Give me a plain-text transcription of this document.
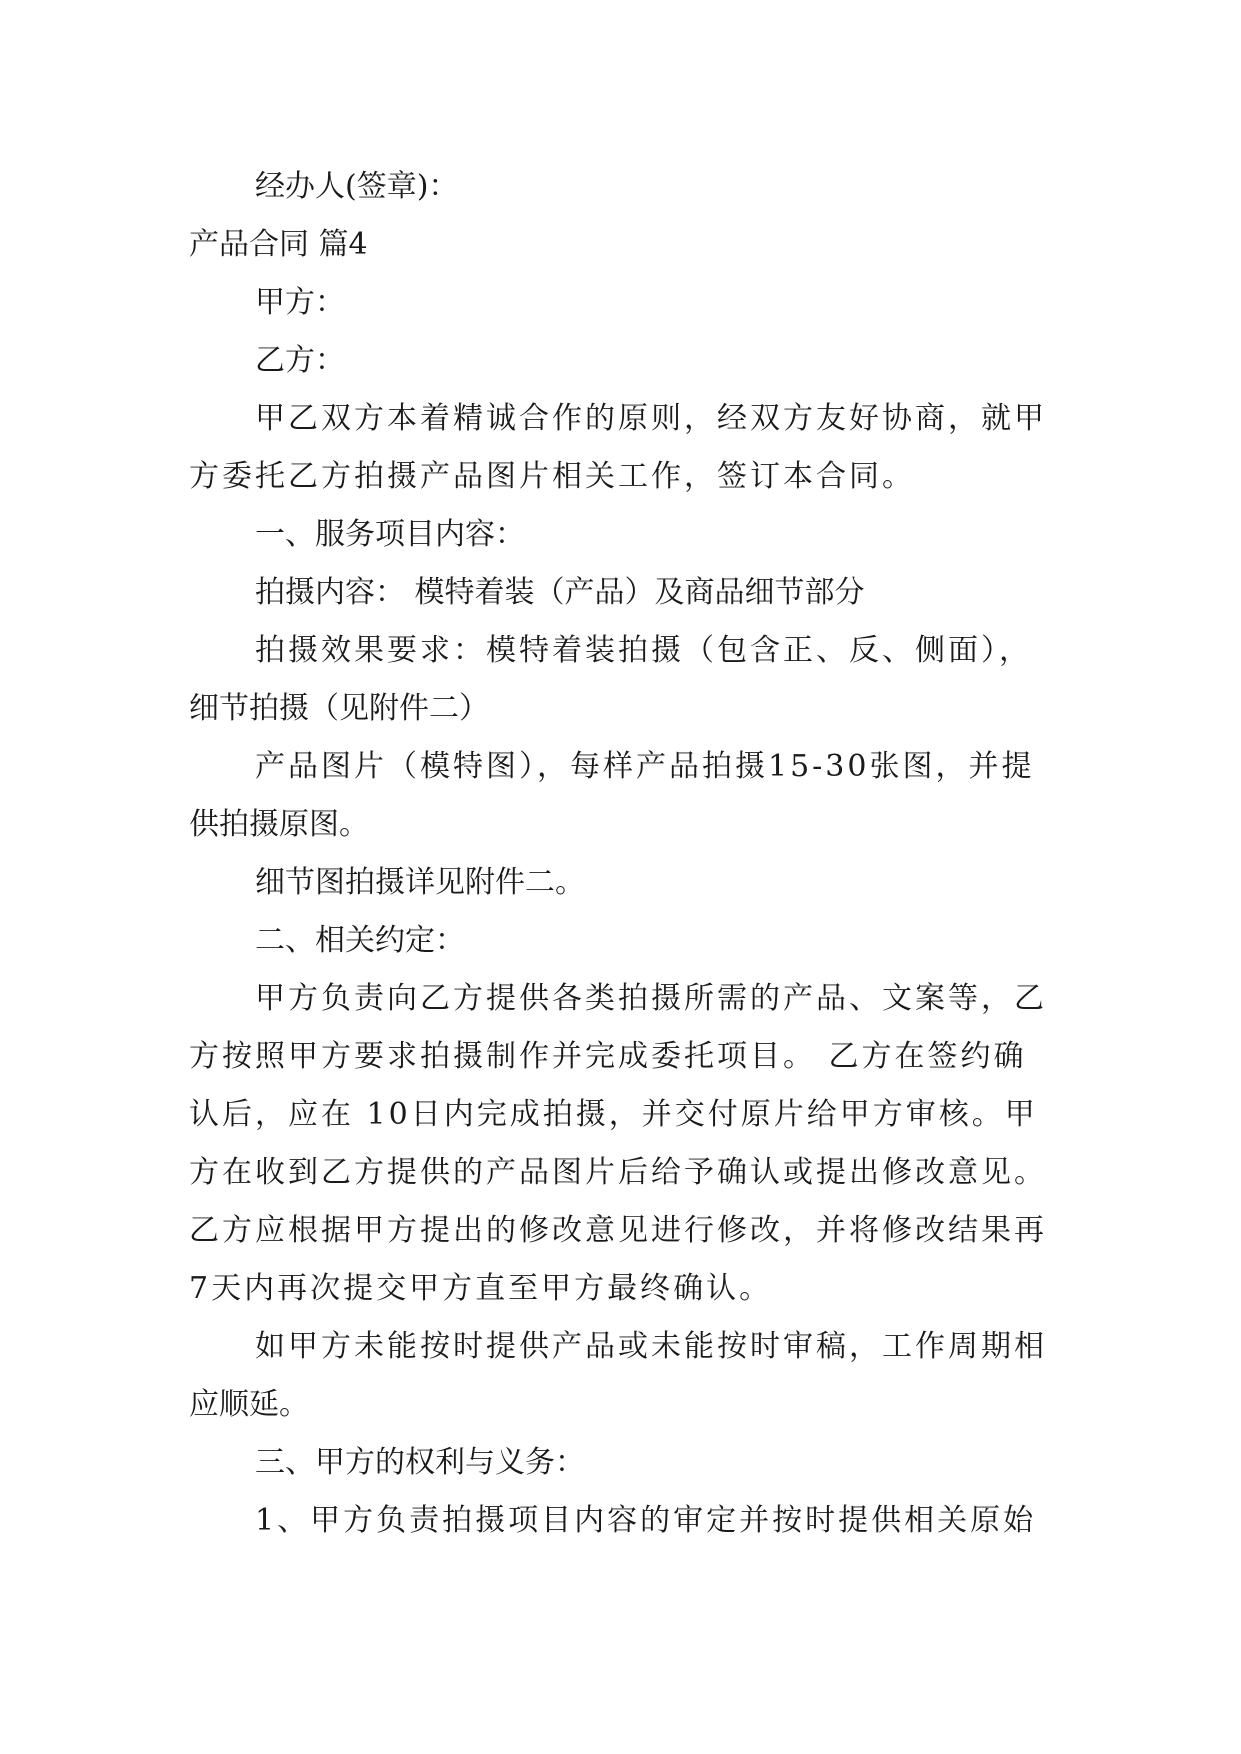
经办人(签章)：
产品合同 篇4
甲方：
乙方：
甲乙双方本着精诚合作的原则，经双方友好协商，就甲
方委托乙方拍摄产品图片相关工作，签订本合同。
一、服务项目内容：
拍摄内容： 模特着装（产品）及商品细节部分
拍摄效果要求：模特着装拍摄（包含正、反、侧面），
细节拍摄（见附件二）
产品图片（模特图），每样产品拍摄15-30张图，并提
供拍摄原图。
细节图拍摄详见附件二。
二、相关约定：
甲方负责向乙方提供各类拍摄所需的产品、文案等，乙
方按照甲方要求拍摄制作并完成委托项目。 乙方在签约确
认后，应在 10日内完成拍摄，并交付原片给甲方审核。甲
方在收到乙方提供的产品图片后给予确认或提出修改意见。
乙方应根据甲方提出的修改意见进行修改，并将修改结果再
7天内再次提交甲方直至甲方最终确认。
如甲方未能按时提供产品或未能按时审稿，工作周期相
应顺延。
三、甲方的权利与义务：
1、甲方负责拍摄项目内容的审定并按时提供相关原始
